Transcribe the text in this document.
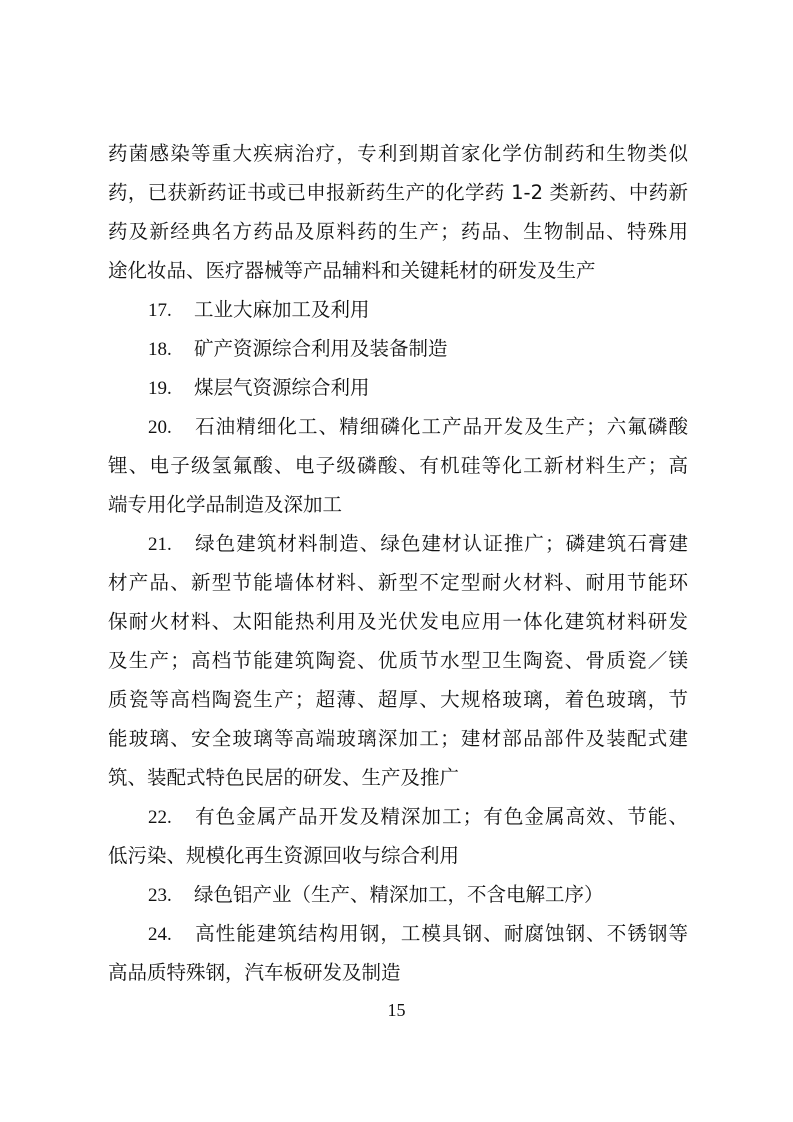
药菌感染等重大疾病治疗，专利到期首家化学仿制药和生物类似
药，已获新药证书或已申报新药生产的化学药 1-2 类新药、中药新
药及新经典名方药品及原料药的生产；药品、生物制品、特殊用
途化妆品、医疗器械等产品辅料和关键耗材的研发及生产
17. 工业大麻加工及利用
18. 矿产资源综合利用及装备制造
19. 煤层气资源综合利用
20. 石油精细化工、精细磷化工产品开发及生产；六氟磷酸
锂、电子级氢氟酸、电子级磷酸、有机硅等化工新材料生产；高
端专用化学品制造及深加工
21. 绿色建筑材料制造、绿色建材认证推广；磷建筑石膏建
材产品、新型节能墙体材料、新型不定型耐火材料、耐用节能环
保耐火材料、太阳能热利用及光伏发电应用一体化建筑材料研发
及生产；高档节能建筑陶瓷、优质节水型卫生陶瓷、骨质瓷／镁
质瓷等高档陶瓷生产；超薄、超厚、大规格玻璃，着色玻璃，节
能玻璃、安全玻璃等高端玻璃深加工；建材部品部件及装配式建
筑、装配式特色民居的研发、生产及推广
22. 有色金属产品开发及精深加工；有色金属高效、节能、
低污染、规模化再生资源回收与综合利用
23. 绿色铝产业（生产、精深加工，不含电解工序）
24. 高性能建筑结构用钢，工模具钢、耐腐蚀钢、不锈钢等
高品质特殊钢，汽车板研发及制造
15
